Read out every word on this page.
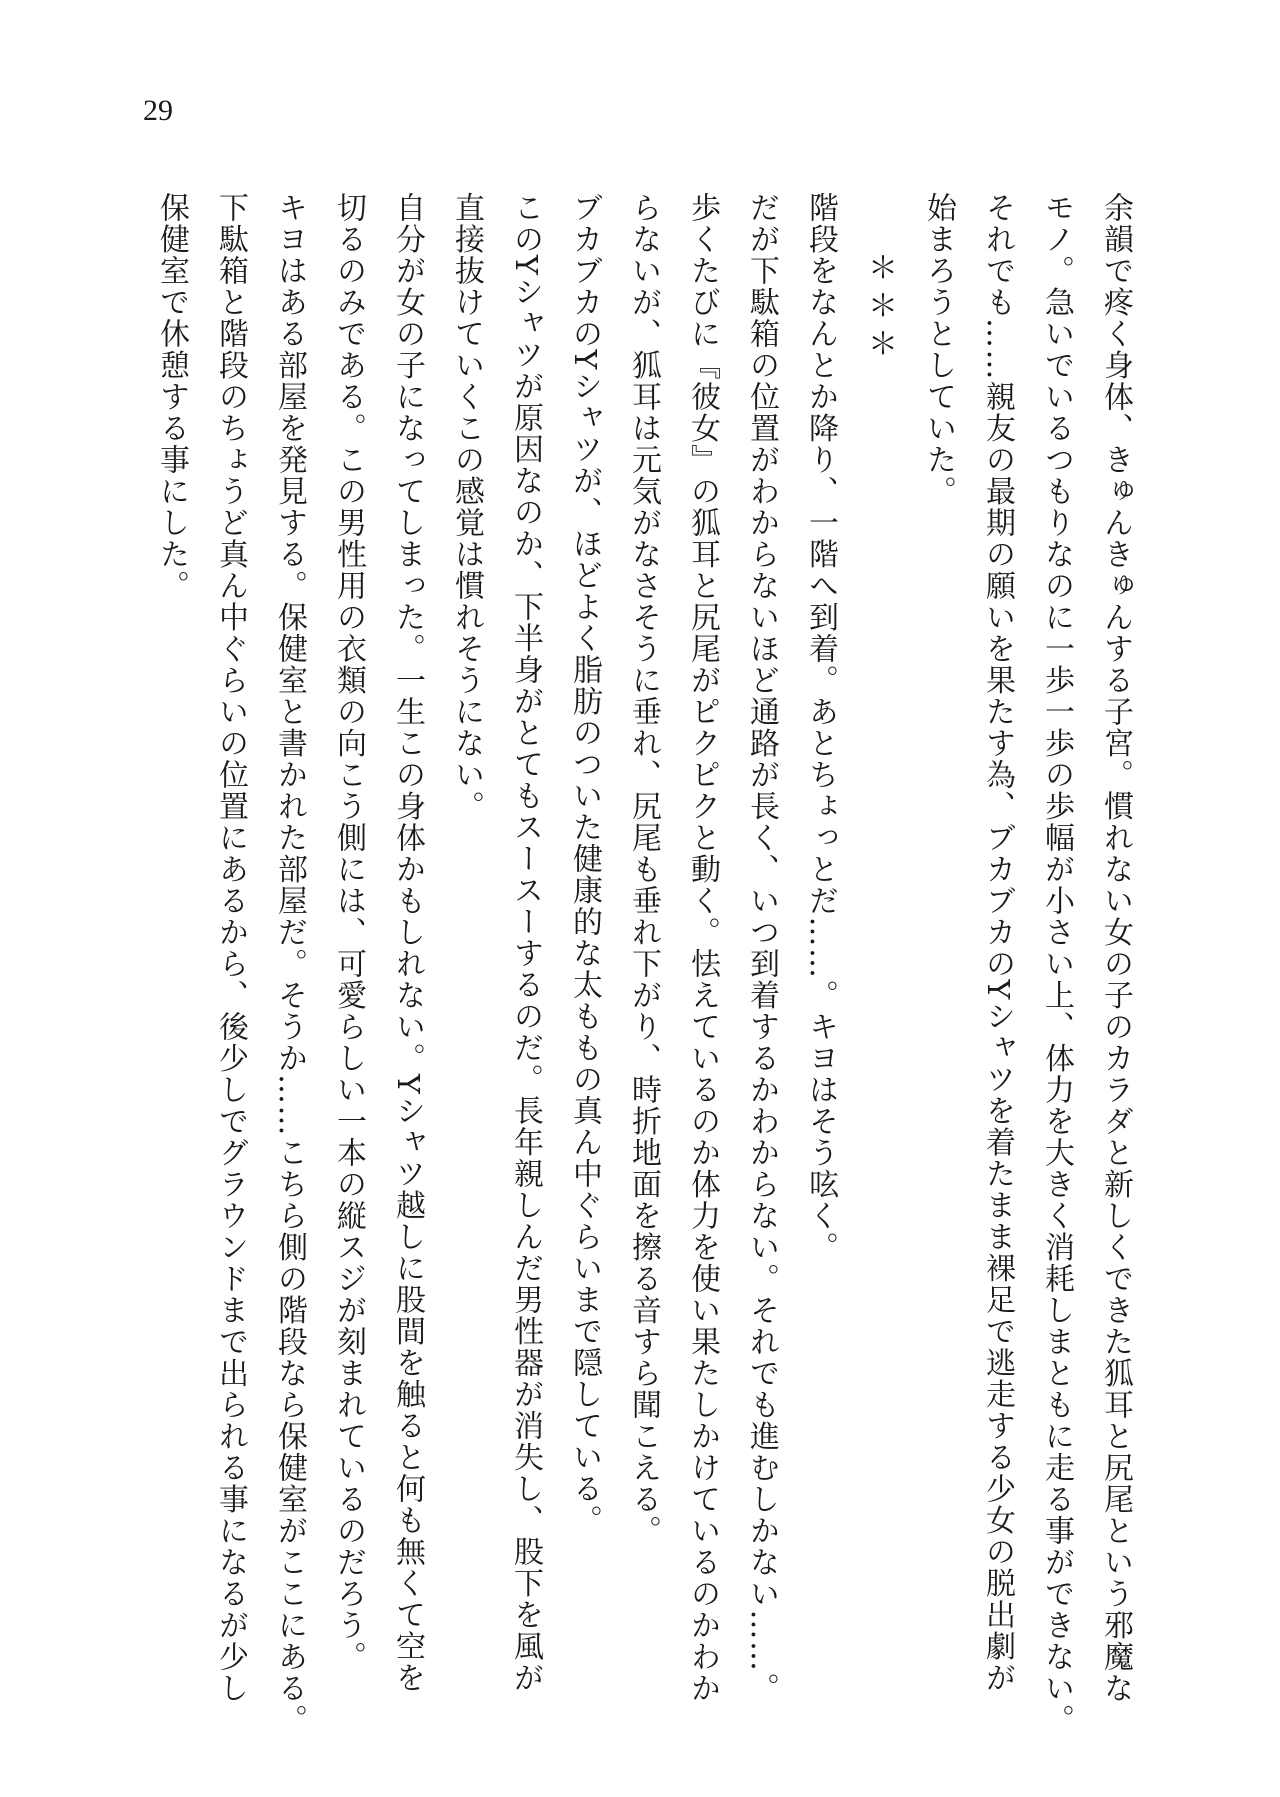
29
余韻で疼く身体、きゅんきゅんする子宮。慣れない女の子のカラダと新しくできた狐耳と尻尾という邪魔な
モノ。急いでいるつもりなのに一歩一歩の歩幅が小さい上、体力を大きく消耗しまともに走る事ができない。
それでも……親友の最期の願いを果たす為、ブカブカのYシャツを着たまま裸足で逃走する少女の脱出劇が
始まろうとしていた。
＊＊＊
階段をなんとか降り、一階へ到着。あとちょっとだ……。キヨはそう呟く。
だが下駄箱の位置がわからないほど通路が長く、いつ到着するかわからない。それでも進むしかない……。
歩くたびに『彼女』の狐耳と尻尾がピクピクと動く。怯えているのか体力を使い果たしかけているのかわか
らないが、狐耳は元気がなさそうに垂れ、尻尾も垂れ下がり、時折地面を擦る音すら聞こえる。
ブカブカのYシャツが、ほどよく脂肪のついた健康的な太ももの真ん中ぐらいまで隠している。
このYシャツが原因なのか、下半身がとてもスースーするのだ。長年親しんだ男性器が消失し、股下を風が
直接抜けていくこの感覚は慣れそうにない。
自分が女の子になってしまった。一生この身体かもしれない。Yシャツ越しに股間を触ると何も無くて空を
切るのみである。この男性用の衣類の向こう側には、可愛らしい一本の縦スジが刻まれているのだろう。
キヨはある部屋を発見する。保健室と書かれた部屋だ。そうか……こちら側の階段なら保健室がここにある。
下駄箱と階段のちょうど真ん中ぐらいの位置にあるから、後少しでグラウンドまで出られる事になるが少し
保健室で休憩する事にした。
